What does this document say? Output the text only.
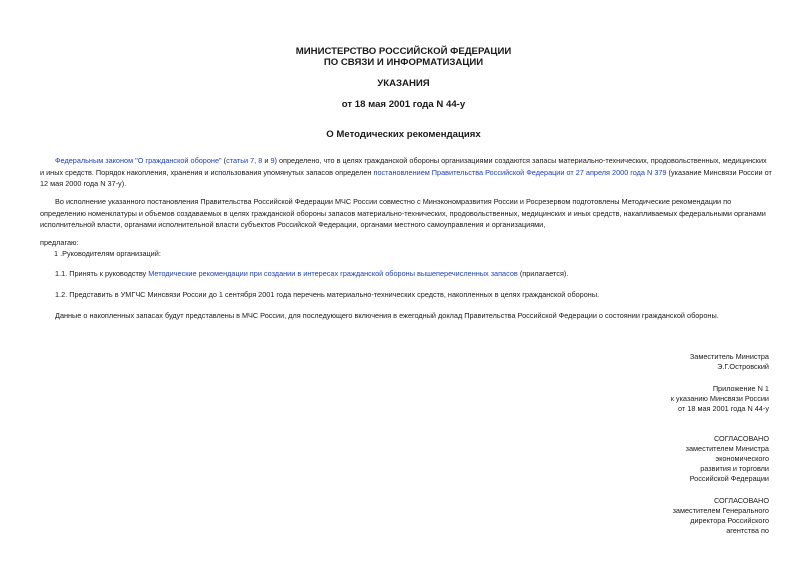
МИНИСТЕРСТВО РОССИЙСКОЙ ФЕДЕРАЦИИ
ПО СВЯЗИ И ИНФОРМАТИЗАЦИИ
УКАЗАНИЯ
от 18 мая 2001 года N 44-у
О Методических рекомендациях
Федеральным законом "О гражданской обороне" (статьи 7, 8 и 9) определено, что в целях гражданской обороны организациями создаются запасы материально-технических, продовольственных, медицинских и иных средств. Порядок накопления, хранения и использования упомянутых запасов определен постановлением Правительства Российской Федерации от 27 апреля 2000 года N 379 (указание Минсвязи России от 12 мая 2000 года N 37-у).
Во исполнение указанного постановления Правительства Российской Федерации МЧС России совместно с Минэкономразвития России и Росрезервом подготовлены Методические рекомендации по определению номенклатуры и объемов создаваемых в целях гражданской обороны запасов материально-технических, продовольственных, медицинских и иных средств, накапливаемых федеральными органами исполнительной власти, органами исполнительной власти субъектов Российской Федерации, органами местного самоуправления и организациями,
предлагаю:
1 .Руководителям организаций:
1.1. Принять к руководству Методические рекомендации при создании в интересах гражданской обороны вышеперечисленных запасов (прилагается).
1.2. Представить в УМГЧС Минсвязи России до 1 сентября 2001 года перечень материально-технических средств, накопленных в целях гражданской обороны.
Данные о накопленных запасах будут представлены в МЧС России, для последующего включения в ежегодный доклад Правительства Российской Федерации о состоянии гражданской обороны.
Заместитель Министра
Э.Г.Островский
Приложение N 1
к указанию Минсвязи России
от 18 мая 2001 года N 44-у
СОГЛАСОВАНО
заместителем Министра
экономического
развития и торговли
Российской Федерации
СОГЛАСОВАНО
заместителем Генерального
директора Российского
агентства по
